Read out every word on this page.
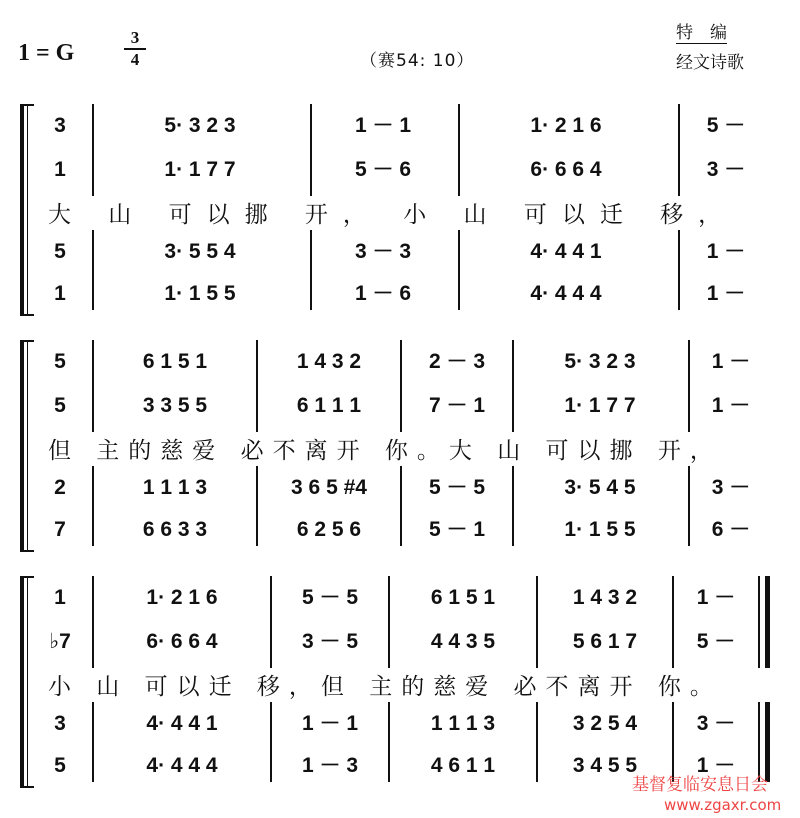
1 = G
3
4	（赛54: 10）
特　编
经文诗歌
3	5· 3 2 3	1 － 1	1· 2 1 6	5 －
1	1· 1 7 7	5 － 6	6· 6 6 4	3 －
大 山 可以挪 开， 小 山 可以迁 移，
5	3· 5 5 4	3 － 3	4· 4 4 1	1 －
1	1· 1 5 5	1 － 6	4· 4 4 4	1 －
5	6 1 5 1	1 4 3 2	2 － 3	5· 3 2 3	1 －
5	3 3 5 5	6 1 1 1	7 － 1	1· 1 7 7	1 －
但 主的慈爱 必不离开 你。大 山 可以挪 开，
2	1 1 1 3	3 6 5 #4	5 － 5	3· 5 4 5	3 －
7	6 6 3 3	6 2 5 6	5 － 1	1· 1 5 5	6 －
1	1· 2 1 6	5 － 5	6 1 5 1	1 4 3 2	1 －
♭7	6· 6 6 4	3 － 5	4 4 3 5	5 6 1 7	5 －
小 山 可以迁 移，但 主的慈爱 必不离开 你。
3	4· 4 4 1	1 － 1	1 1 1 3	3 2 5 4	3 －
5	4· 4 4 4	1 － 3	4 6 1 1	3 4 5 5	1 －
基督复临安息日会
www.zgaxr.com
